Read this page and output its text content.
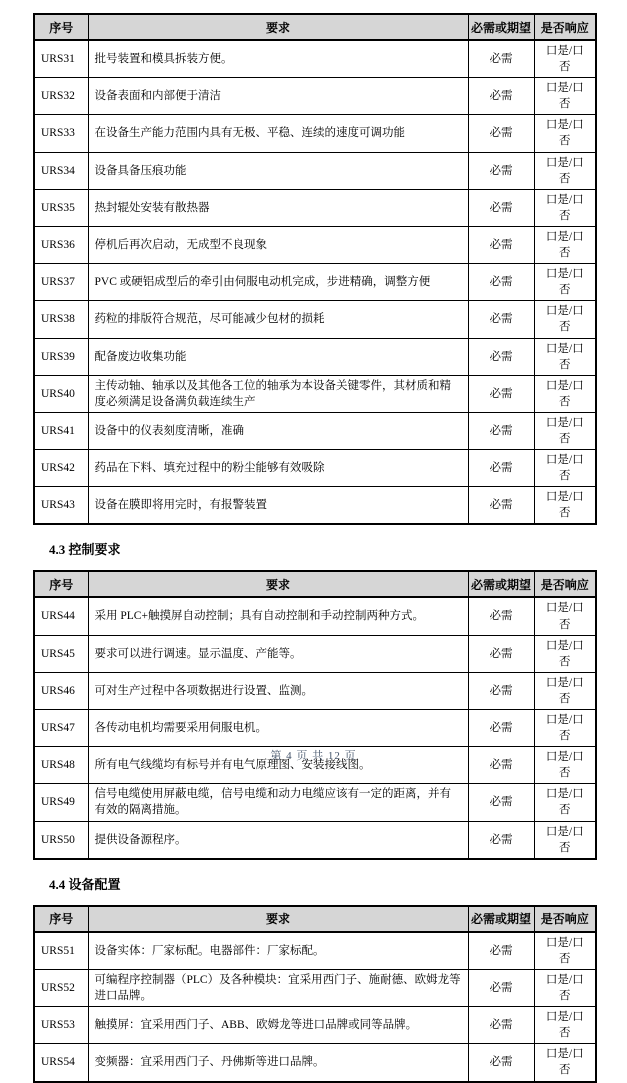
序号	要求	必需或期望	是否响应
URS31	批号装置和模具拆装方便。	必需	口是/口否
URS32	设备表面和内部便于清洁	必需	口是/口否
URS33	在设备生产能力范围内具有无极、平稳、连续的速度可调功能	必需	口是/口否
URS34	设备具备压痕功能	必需	口是/口否
URS35	热封辊处安装有散热器	必需	口是/口否
URS36	停机后再次启动，无成型不良现象	必需	口是/口否
URS37	PVC 或硬铝成型后的牵引由伺服电动机完成，步进精确，调整方便	必需	口是/口否
URS38	药粒的排版符合规范，尽可能减少包材的损耗	必需	口是/口否
URS39	配备废边收集功能	必需	口是/口否
URS40	主传动轴、轴承以及其他各工位的轴承为本设备关键零件，其材质和精度必须满足设备满负载连续生产	必需	口是/口否
URS41	设备中的仪表刻度清晰，准确	必需	口是/口否
URS42	药品在下料、填充过程中的粉尘能够有效吸除	必需	口是/口否
URS43	设备在膜即将用完时，有报警装置	必需	口是/口否
4.3 控制要求
序号	要求	必需或期望	是否响应
URS44	采用 PLC+触摸屏自动控制；具有自动控制和手动控制两种方式。	必需	口是/口否
URS45	要求可以进行调速。显示温度、产能等。	必需	口是/口否
URS46	可对生产过程中各项数据进行设置、监测。	必需	口是/口否
URS47	各传动电机均需要采用伺服电机。	必需	口是/口否
URS48	所有电气线缆均有标号并有电气原理图、安装接线图。	必需	口是/口否
URS49	信号电缆使用屏蔽电缆，信号电缆和动力电缆应该有一定的距离，并有有效的隔离措施。	必需	口是/口否
URS50	提供设备源程序。	必需	口是/口否
4.4 设备配置
序号	要求	必需或期望	是否响应
URS51	设备实体：厂家标配。电器部件：厂家标配。	必需	口是/口否
URS52	可编程序控制器（PLC）及各种模块：宜采用西门子、施耐德、欧姆龙等进口品牌。	必需	口是/口否
URS53	触摸屏：宜采用西门子、ABB、欧姆龙等进口品牌或同等品牌。	必需	口是/口否
URS54	变频器：宜采用西门子、丹佛斯等进口品牌。	必需	口是/口否
第 4 页 共 12 页
